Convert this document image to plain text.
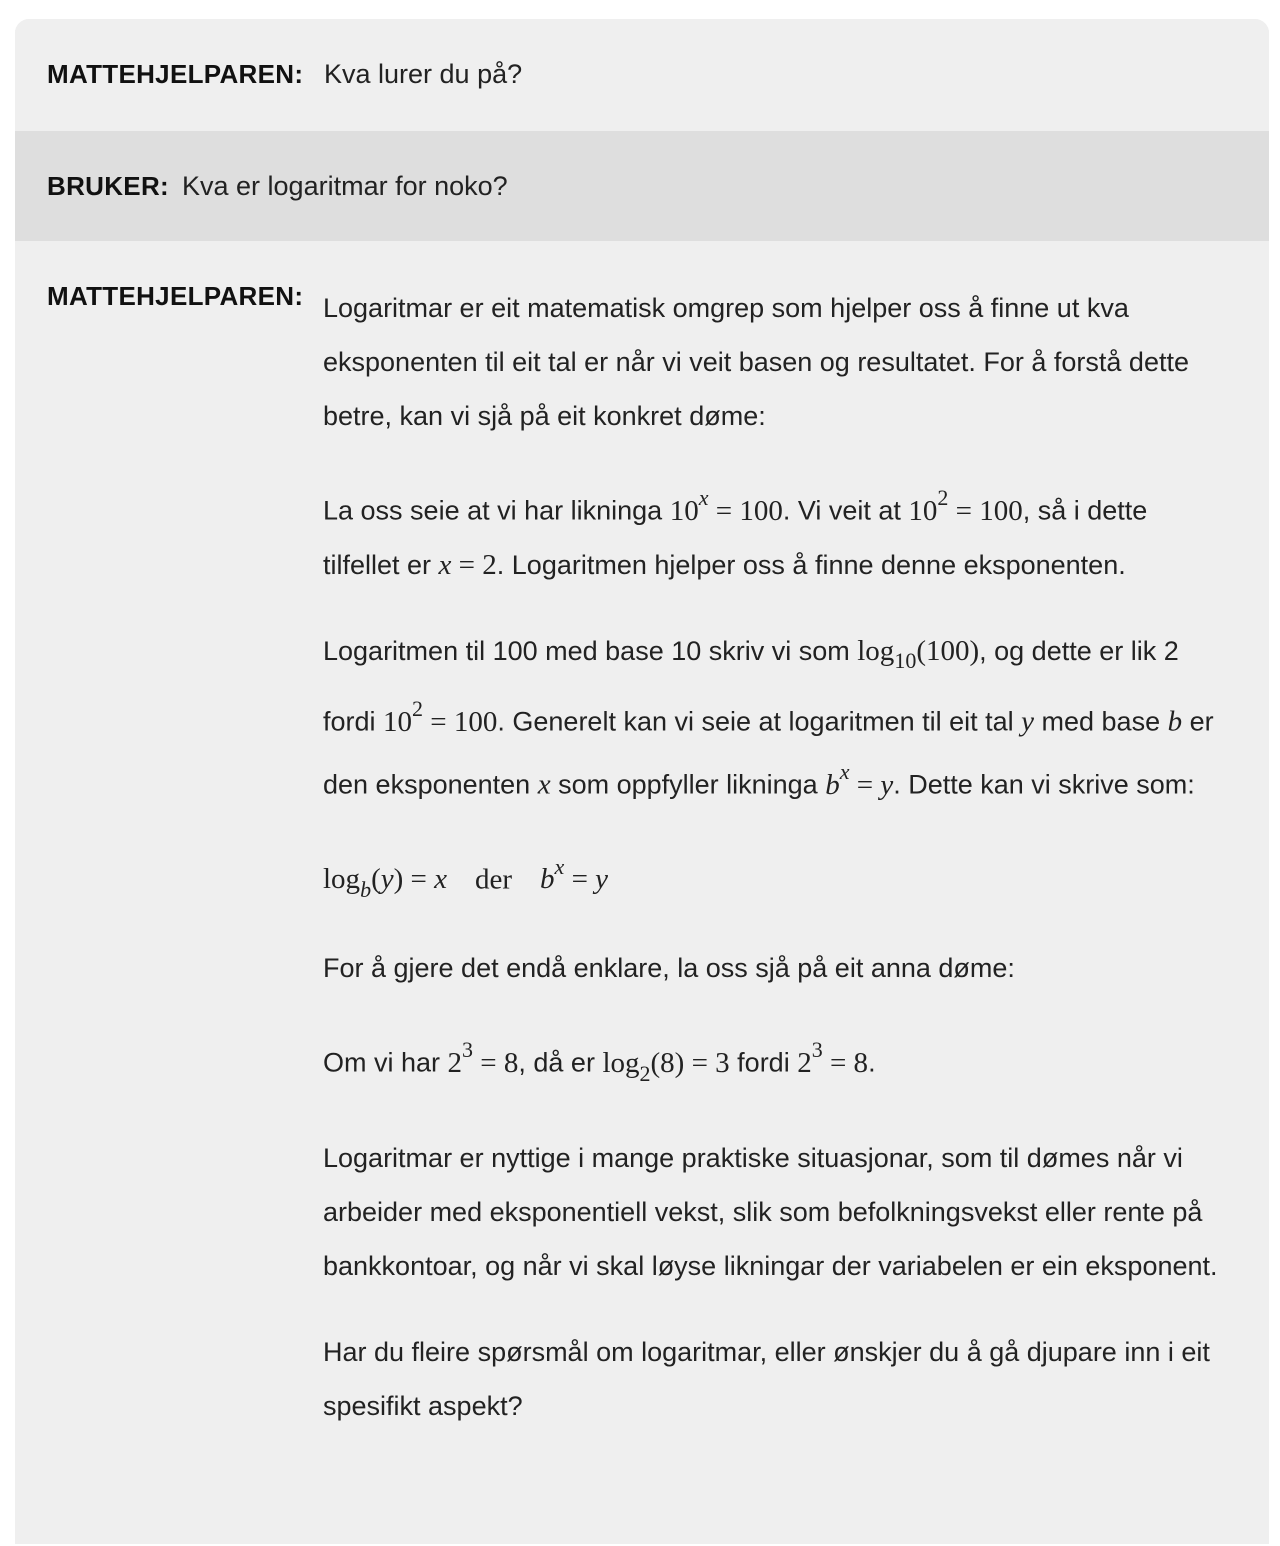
MATTEHJELPAREN: Kva lurer du på?
BRUKER: Kva er logaritmar for noko?
MATTEHJELPAREN: Logaritmar er eit matematisk omgrep som hjelper oss å finne ut kva eksponenten til eit tal er når vi veit basen og resultatet. For å forstå dette betre, kan vi sjå på eit konkret døme:

La oss seie at vi har likninga $10^x = 100$. Vi veit at $10^2 = 100$, så i dette tilfellet er x = 2. Logaritmen hjelper oss å finne denne eksponenten.

Logaritmen til 100 med base 10 skriv vi som $\log_{10}(100)$, og dette er lik 2 fordi $10^2 = 100$. Generelt kan vi seie at logaritmen til eit tal y med base b er den eksponenten x som oppfyller likninga $b^x = y$. Dette kan vi skrive som:

$\log_b(y) = x$ der $b^x = y$

For å gjere det endå enklare, la oss sjå på eit anna døme:

Om vi har $2^3 = 8$, då er $\log_2(8) = 3$ fordi $2^3 = 8$.

Logaritmar er nyttige i mange praktiske situasjonar, som til dømes når vi arbeider med eksponentiell vekst, slik som befolkningsvekst eller rente på bankkontoar, og når vi skal løyse likningar der variabelen er ein eksponent.

Har du fleire spørsmål om logaritmar, eller ønskjer du å gå djupare inn i eit spesifikt aspekt?
